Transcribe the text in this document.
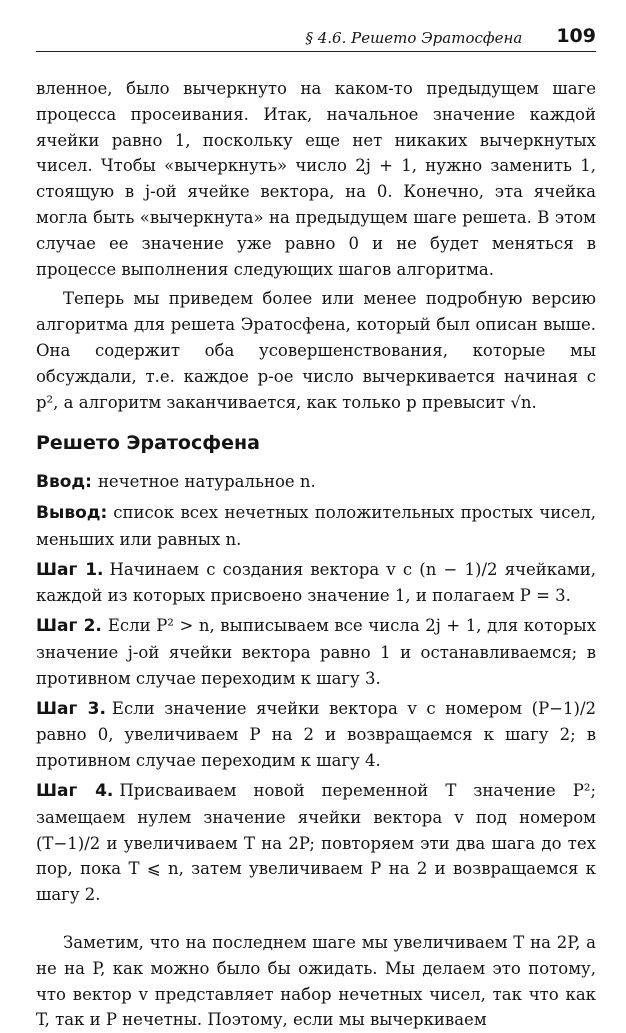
§ 4.6. Решето Эратосфена 109

вленное, было вычеркнуто на каком-то предыдущем шаге процесса просеивания. Итак, начальное значение каждой ячейки равно 1, поскольку еще нет никаких вычеркнутых чисел. Чтобы «вычеркнуть» число 2j + 1, нужно заменить 1, стоящую в j-ой ячейке вектора, на 0. Конечно, эта ячейка могла быть «вычеркнута» на предыдущем шаге решета. В этом случае ее значение уже равно 0 и не будет меняться в процессе выполнения следующих шагов алгоритма.

Теперь мы приведем более или менее подробную версию алгоритма для решета Эратосфена, который был описан выше. Она содержит оба усовершенствования, которые мы обсуждали, т.е. каждое p-ое число вычеркивается начиная с p², а алгоритм заканчивается, как только p превысит √n.

Решето Эратосфена

Ввод: нечетное натуральное n.

Вывод: список всех нечетных положительных простых чисел, меньших или равных n.

Шаг 1. Начинаем с создания вектора v с (n − 1)/2 ячейками, каждой из которых присвоено значение 1, и полагаем P = 3.

Шаг 2. Если P² > n, выписываем все числа 2j + 1, для которых значение j-ой ячейки вектора равно 1 и останавливаемся; в противном случае переходим к шагу 3.

Шаг 3. Если значение ячейки вектора v с номером (P−1)/2 равно 0, увеличиваем P на 2 и возвращаемся к шагу 2; в противном случае переходим к шагу 4.

Шаг 4. Присваиваем новой переменной T значение P²; замещаем нулем значение ячейки вектора v под номером (T−1)/2 и увеличиваем T на 2P; повторяем эти два шага до тех пор, пока T ⩽ n, затем увеличиваем P на 2 и возвращаемся к шагу 2.

Заметим, что на последнем шаге мы увеличиваем T на 2P, а не на P, как можно было бы ожидать. Мы делаем это потому, что вектор v представляет набор нечетных чисел, так что как T, так и P нечетны. Поэтому, если мы вычеркиваем
